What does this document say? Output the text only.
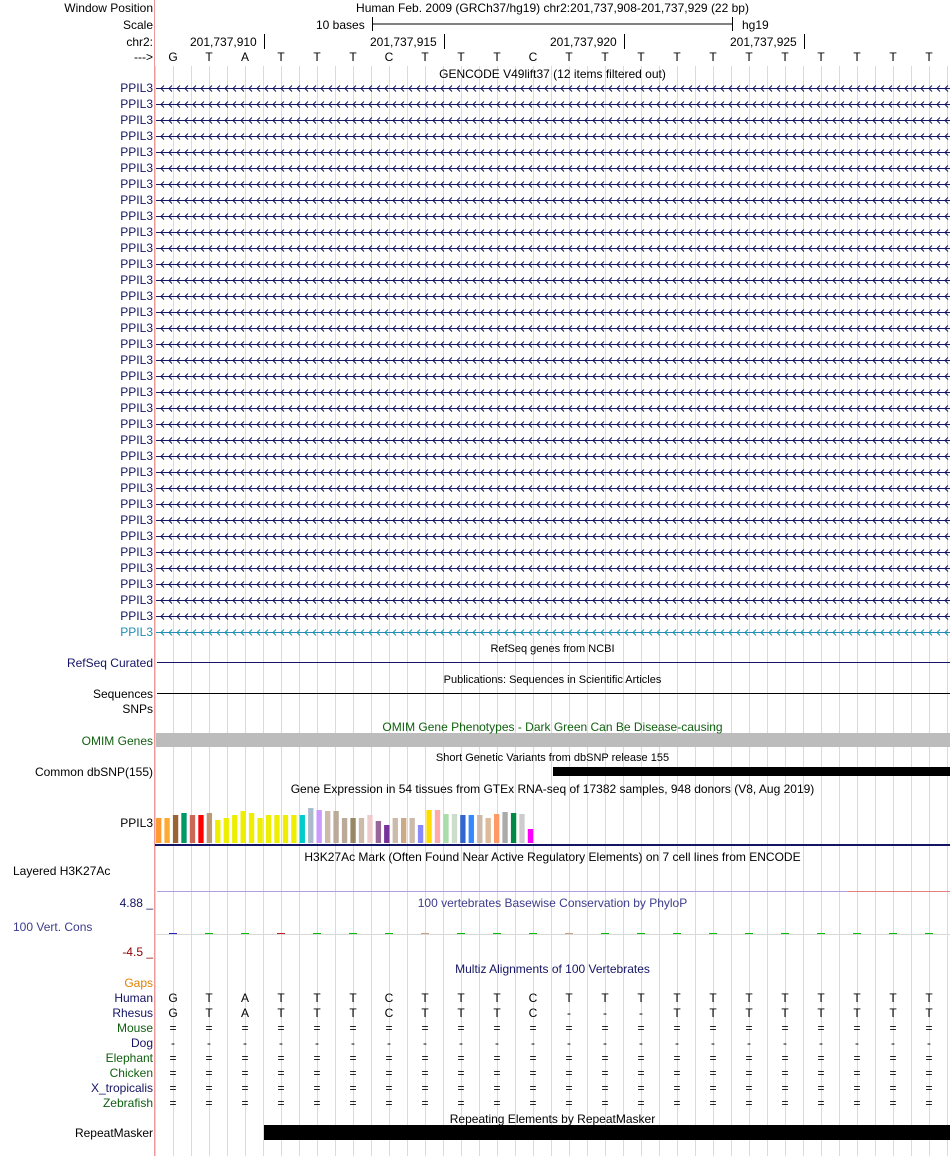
Window Position
Scale
chr2:
--->
Human Feb. 2009 (GRCh37/hg19) chr2:201,737,908-201,737,929 (22 bp)
10 bases	hg19
201,737,910	201,737,915	201,737,920	201,737,925
G	T	A	T	T	T	C	T	T	T	C	T	T	T	T	T	T	T	T	T	T	T
GENCODE V49lift37 (12 items filtered out)
PPIL3
PPIL3
PPIL3
PPIL3
PPIL3
PPIL3
PPIL3
PPIL3
PPIL3
PPIL3
PPIL3
PPIL3
PPIL3
PPIL3
PPIL3
PPIL3
PPIL3
PPIL3
PPIL3
PPIL3
PPIL3
PPIL3
PPIL3
PPIL3
PPIL3
PPIL3
PPIL3
PPIL3
PPIL3
PPIL3
PPIL3
PPIL3
PPIL3
PPIL3
PPIL3
RefSeq genes from NCBI
RefSeq Curated
Publications: Sequences in Scientific Articles
Sequences
SNPs
OMIM Gene Phenotypes - Dark Green Can Be Disease-causing
OMIM Genes
Short Genetic Variants from dbSNP release 155
Common dbSNP(155)
Gene Expression in 54 tissues from GTEx RNA-seq of 17382 samples, 948 donors (V8, Aug 2019)
PPIL3
H3K27Ac Mark (Often Found Near Active Regulatory Elements) on 7 cell lines from ENCODE
Layered H3K27Ac
100 vertebrates Basewise Conservation by PhyloP
4.88 _
100 Vert. Cons
-4.5 _
Multiz Alignments of 100 Vertebrates
Gaps
Human	G	T	A	T	T	T	C	T	T	T	C	T	T	T	T	T	T	T	T	T	T	T
Rhesus	G	T	A	T	T	T	C	T	T	T	C	-	-	-	T	T	T	T	T	T	T	T
Mouse	=	=	=	=	=	=	=	=	=	=	=	=	=	=	=	=	=	=	=	=	=	=
Dog	-	-	-	-	-	-	-	-	-	-	-	-	-	-	-	-	-	-	-	-	-	-
Elephant	=	=	=	=	=	=	=	=	=	=	=	=	=	=	=	=	=	=	=	=	=	=
Chicken	=	=	=	=	=	=	=	=	=	=	=	=	=	=	=	=	=	=	=	=	=	=
X_tropicalis	=	=	=	=	=	=	=	=	=	=	=	=	=	=	=	=	=	=	=	=	=	=
Zebrafish	=	=	=	=	=	=	=	=	=	=	=	=	=	=	=	=	=	=	=	=	=	=
Repeating Elements by RepeatMasker
RepeatMasker
